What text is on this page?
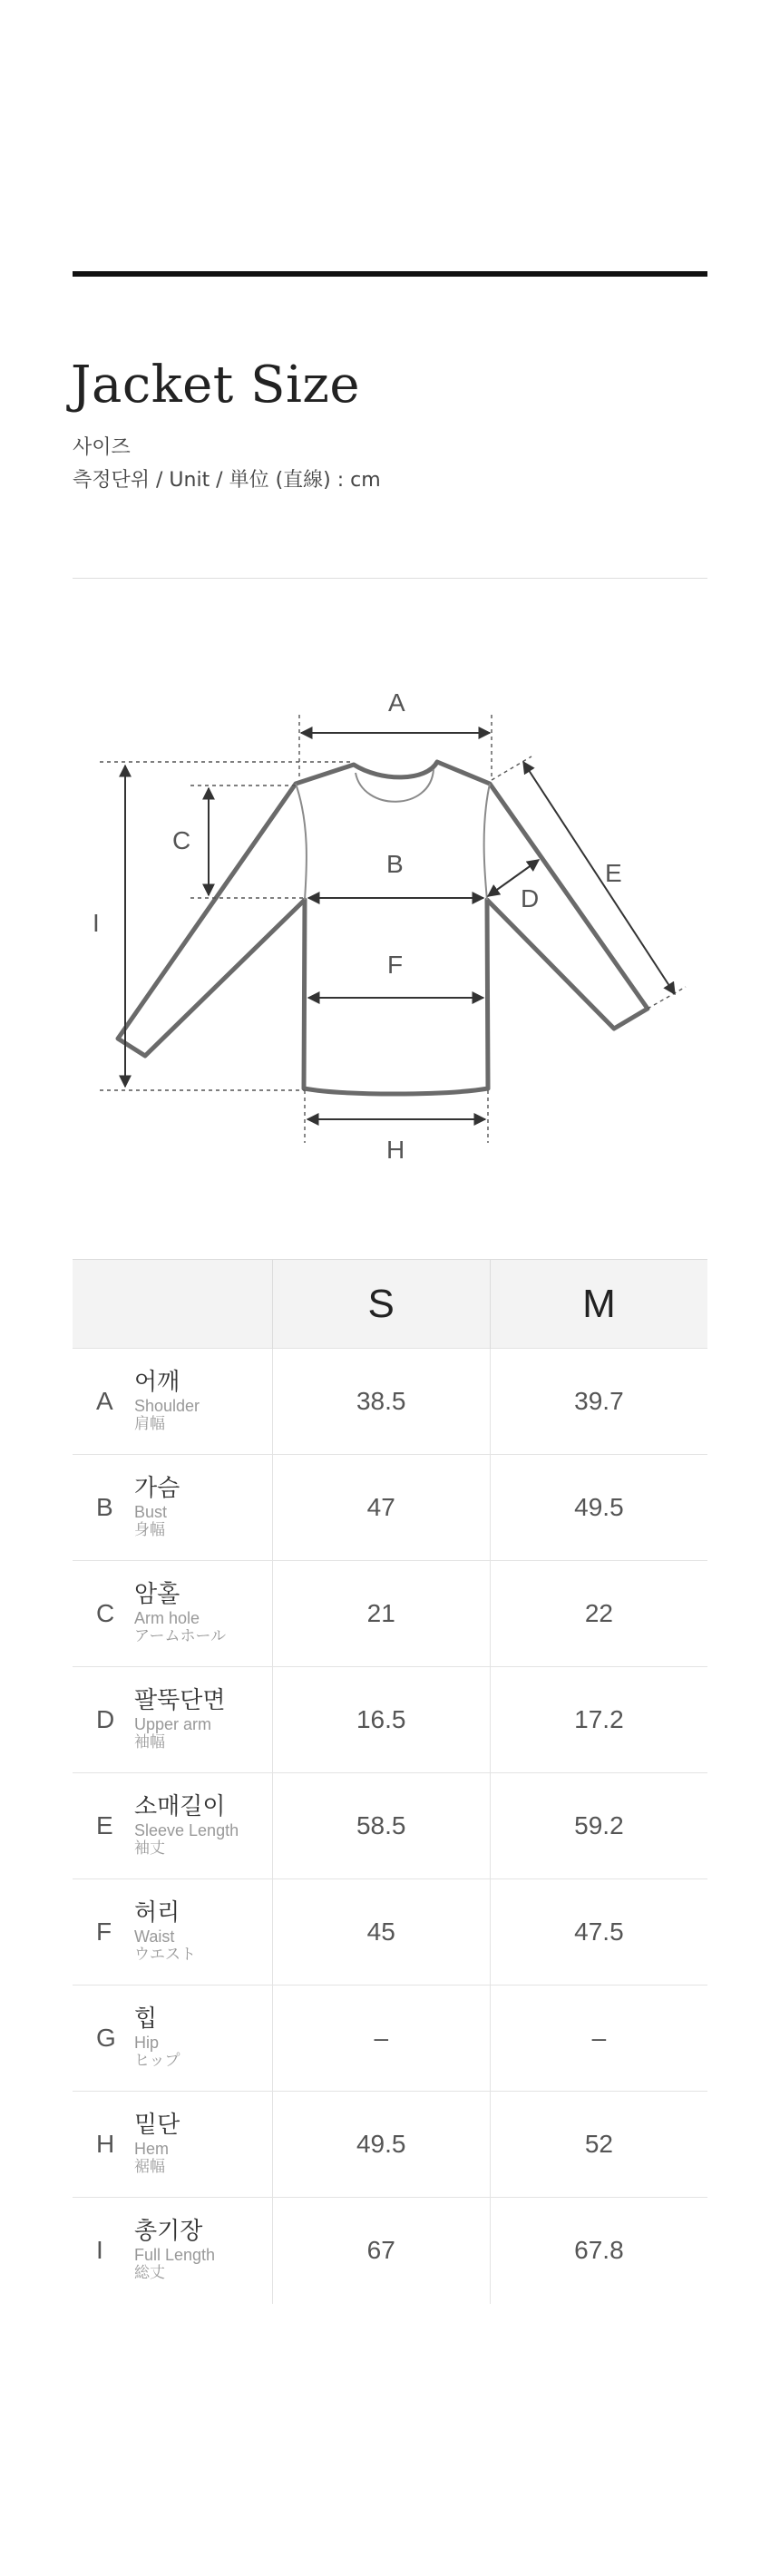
Jacket Size
사이즈
측정단위 / Unit / 単位 (直線) : cm
A
B
C
D
E
F
H
I
	S	M

A
어깨
Shoulder
肩幅	38.5	39.7

B
가슴
Bust
身幅	47	49.5

C
암홀
Arm hole
アームホール	21	22

D
팔뚝단면
Upper arm
袖幅	16.5	17.2

E
소매길이
Sleeve Length
袖丈	58.5	59.2

F
허리
Waist
ウエスト	45	47.5

G
힙
Hip
ヒップ	–	–

H
밑단
Hem
裾幅	49.5	52

I
총기장
Full Length
総丈	67	67.8
